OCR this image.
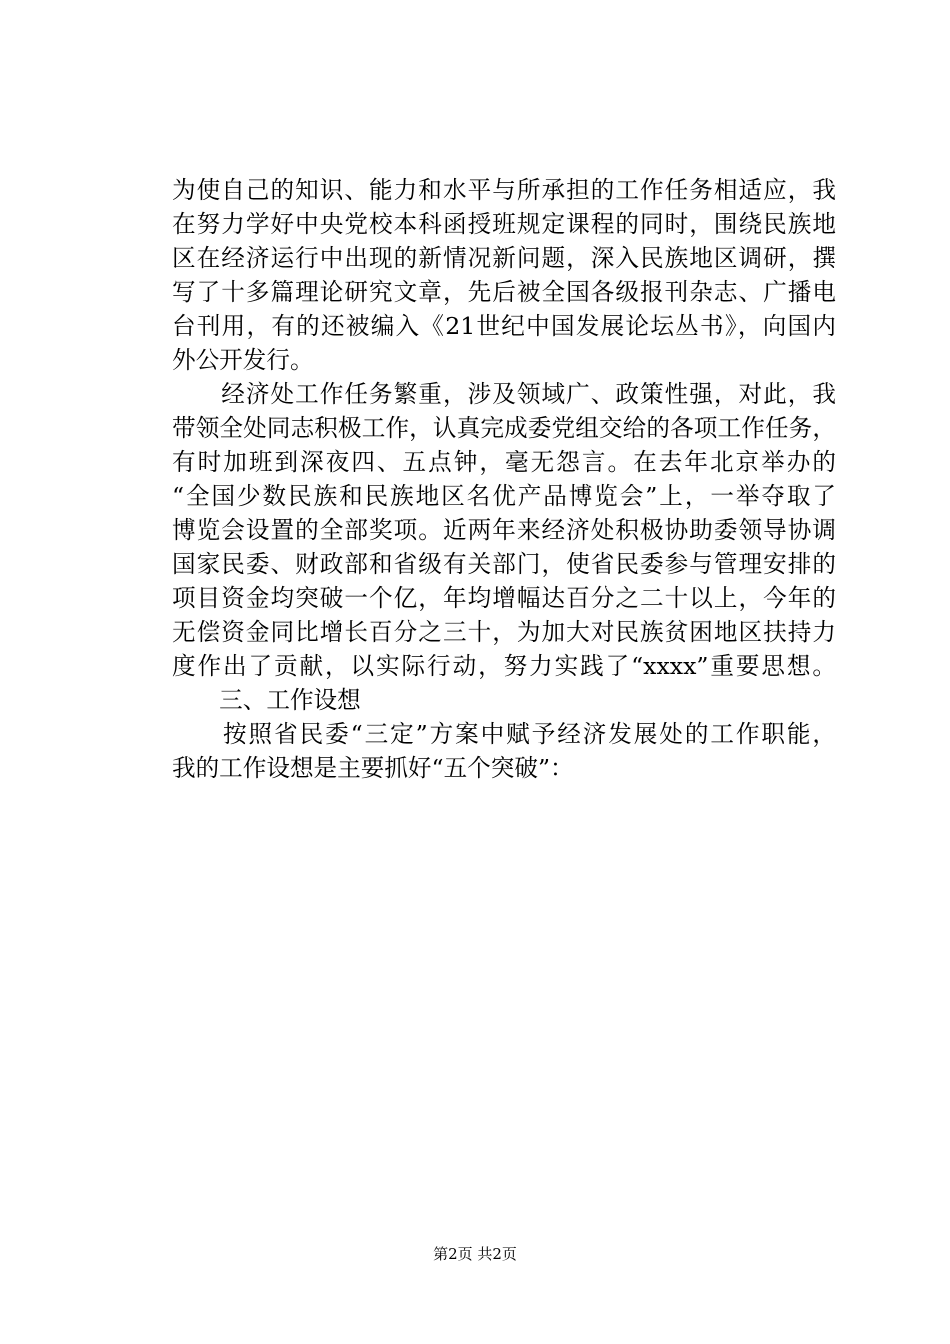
为使自己的知识、能力和水平与所承担的工作任务相适应，我
在努力学好中央党校本科函授班规定课程的同时，围绕民族地
区在经济运行中出现的新情况新问题，深入民族地区调研，撰
写了十多篇理论研究文章，先后被全国各级报刊杂志、广播电
台刊用，有的还被编入《21世纪中国发展论坛丛书》，向国内
外公开发行。
　　经济处工作任务繁重，涉及领域广、政策性强，对此，我
带领全处同志积极工作，认真完成委党组交给的各项工作任务，
有时加班到深夜四、五点钟，毫无怨言。在去年北京举办的
“全国少数民族和民族地区名优产品博览会”上，一举夺取了
博览会设置的全部奖项。近两年来经济处积极协助委领导协调
国家民委、财政部和省级有关部门，使省民委参与管理安排的
项目资金均突破一个亿，年均增幅达百分之二十以上，今年的
无偿资金同比增长百分之三十，为加大对民族贫困地区扶持力
度作出了贡献，以实际行动，努力实践了“xxxx”重要思想。
　　三、工作设想
　　按照省民委“三定”方案中赋予经济发展处的工作职能，
我的工作设想是主要抓好“五个突破”：
第2页 共2页
